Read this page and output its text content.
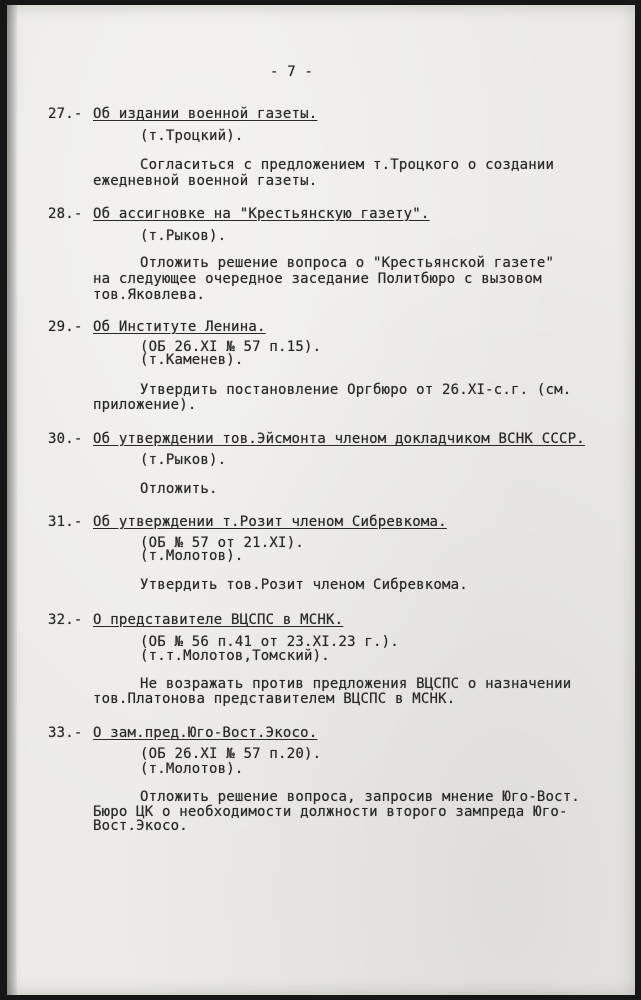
- 7 -
27.- Об издании военной газеты.
(т.Троцкий).
Согласиться с предложением т.Троцкого о создании
ежедневной военной газеты.
28.- Об ассигновке на "Крестьянскую газету".
(т.Рыков).
Отложить решение вопроса о "Крестьянской газете"
на следующее очередное заседание Политбюро с вызовом
тов.Яковлева.
29.- Об Институте Ленина.
(ОБ 26.XI № 57 п.15).
(т.Каменев).
Утвердить постановление Оргбюро от 26.XI-с.г. (см.
приложение).
30.- Об утверждении тов.Эйсмонта членом докладчиком ВСНК СССР.
(т.Рыков).
Отложить.
31.- Об утверждении т.Розит членом Сибревкома.
(ОБ № 57 от 21.XI).
(т.Молотов).
Утвердить тов.Розит членом Сибревкома.
32.- О представителе ВЦСПС в МСНК.
(ОБ № 56 п.41 от 23.XI.23 г.).
(т.т.Молотов,Томский).
Не возражать против предложения ВЦСПС о назначении
тов.Платонова представителем ВЦСПС в МСНК.
33.- О зам.пред.Юго-Вост.Экосо.
(ОБ 26.XI № 57 п.20).
(т.Молотов).
Отложить решение вопроса, запросив мнение Юго-Вост.
Бюро ЦК о необходимости должности второго зампреда Юго-
Вост.Экосо.
